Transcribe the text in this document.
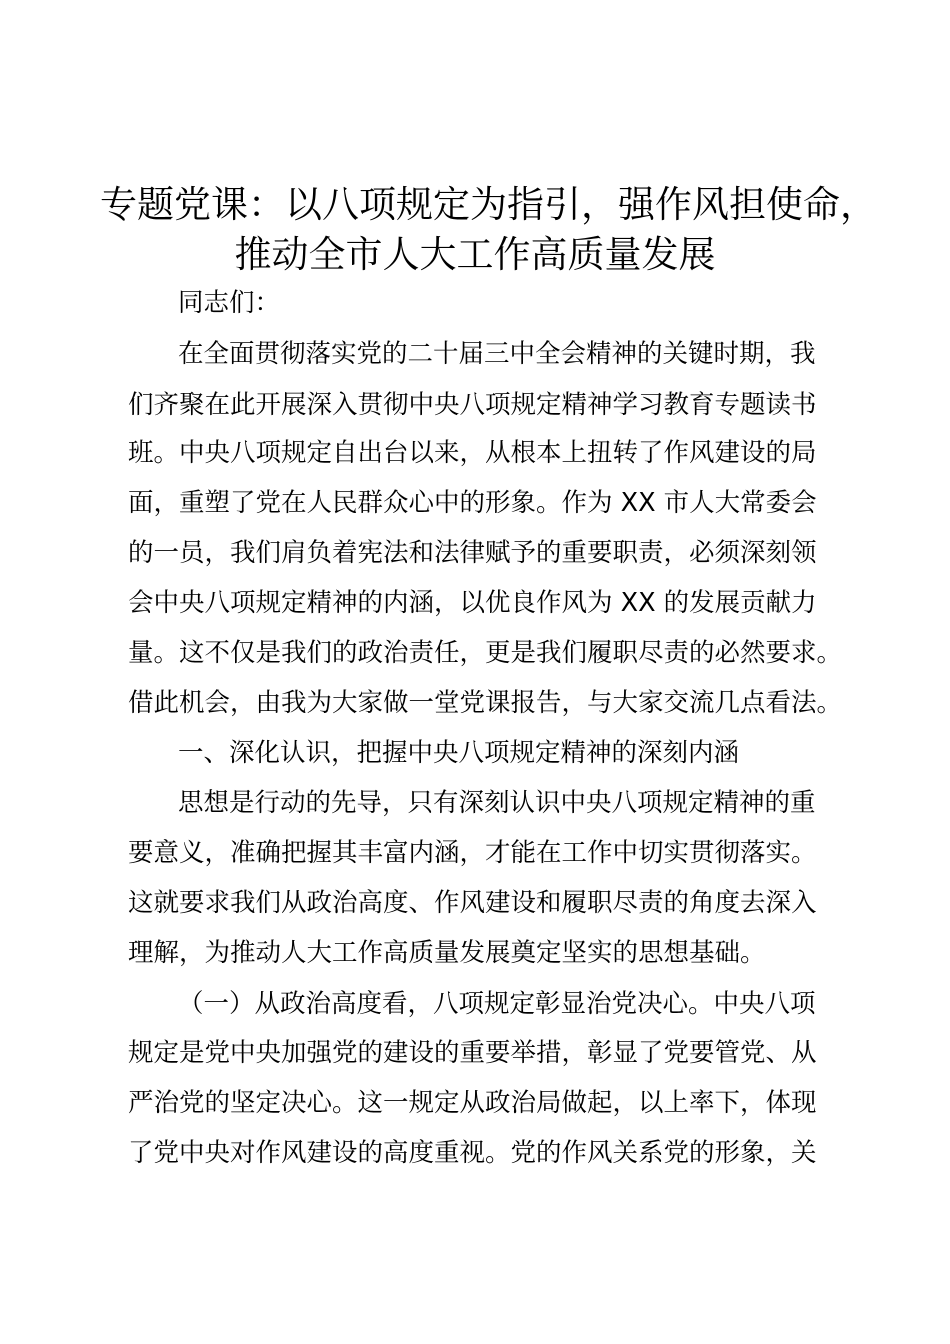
专题党课：以八项规定为指引，强作风担使命，
推动全市人大工作高质量发展

同志们：

在全面贯彻落实党的二十届三中全会精神的关键时期，我

们齐聚在此开展深入贯彻中央八项规定精神学习教育专题读书

班。中央八项规定自出台以来，从根本上扭转了作风建设的局

面，重塑了党在人民群众心中的形象。作为 XX 市人大常委会

的一员，我们肩负着宪法和法律赋予的重要职责，必须深刻领

会中央八项规定精神的内涵，以优良作风为 XX 的发展贡献力

量。这不仅是我们的政治责任，更是我们履职尽责的必然要求。

借此机会，由我为大家做一堂党课报告，与大家交流几点看法。

一、深化认识，把握中央八项规定精神的深刻内涵

思想是行动的先导，只有深刻认识中央八项规定精神的重

要意义，准确把握其丰富内涵，才能在工作中切实贯彻落实。

这就要求我们从政治高度、作风建设和履职尽责的角度去深入

理解，为推动人大工作高质量发展奠定坚实的思想基础。

（一）从政治高度看，八项规定彰显治党决心。中央八项

规定是党中央加强党的建设的重要举措，彰显了党要管党、从

严治党的坚定决心。这一规定从政治局做起，以上率下，体现

了党中央对作风建设的高度重视。党的作风关系党的形象，关
